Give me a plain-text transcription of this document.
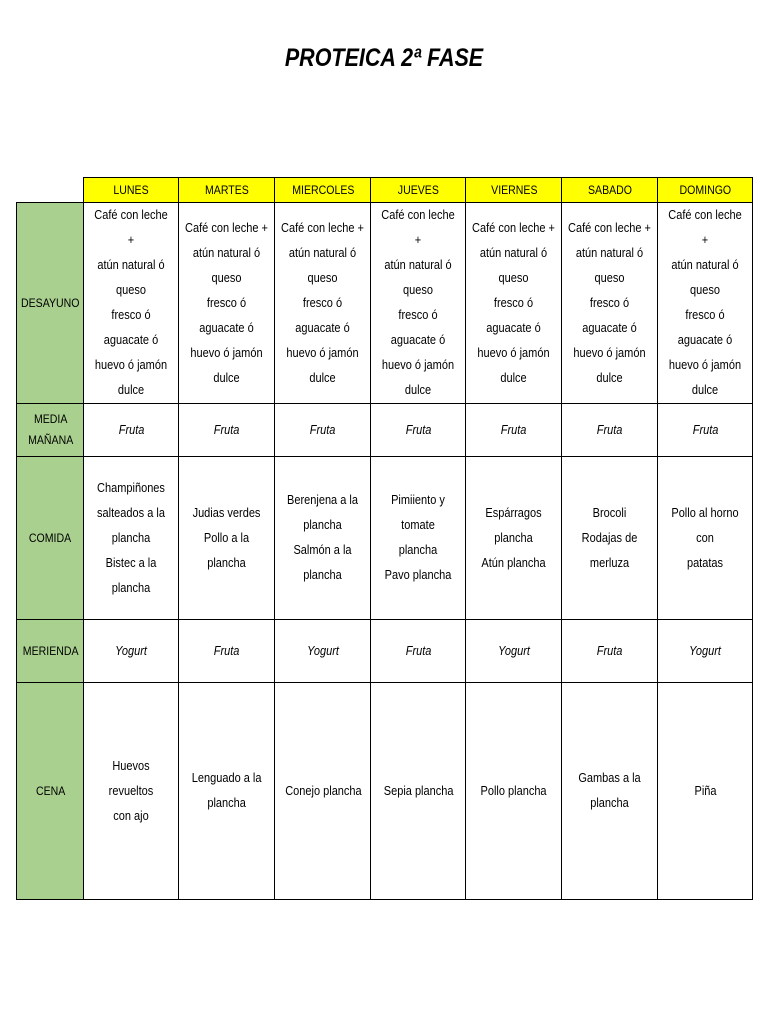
PROTEICA 2ª FASE
	LUNES	MARTES	MIERCOLES	JUEVES	VIERNES	SABADO	DOMINGO
DESAYUNO	Café con leche +
atún natural ó queso
fresco ó aguacate ó
huevo ó jamón dulce	Café con leche +
atún natural ó queso
fresco ó aguacate ó
huevo ó jamón dulce	Café con leche +
atún natural ó queso
fresco ó aguacate ó
huevo ó jamón dulce	Café con leche +
atún natural ó queso
fresco ó aguacate ó
huevo ó jamón dulce	Café con leche +
atún natural ó queso
fresco ó aguacate ó
huevo ó jamón dulce	Café con leche +
atún natural ó queso
fresco ó aguacate ó
huevo ó jamón dulce	Café con leche +
atún natural ó queso
fresco ó aguacate ó
huevo ó jamón dulce
MEDIA
MAÑANA	Fruta	Fruta	Fruta	Fruta	Fruta	Fruta	Fruta
COMIDA	Champiñones
salteados a la
plancha
Bistec a la plancha	Judias verdes
Pollo a la plancha	Berenjena a la
plancha
Salmón a la plancha	Pimiiento y tomate
plancha
Pavo plancha	Espárragos plancha
Atún plancha	Brocoli
Rodajas de merluza	Pollo al horno con
patatas
MERIENDA	Yogurt	Fruta	Yogurt	Fruta	Yogurt	Fruta	Yogurt
CENA	Huevos revueltos
con ajo	Lenguado a la
plancha	Conejo plancha	Sepia plancha	Pollo plancha	Gambas a la plancha	Piña
